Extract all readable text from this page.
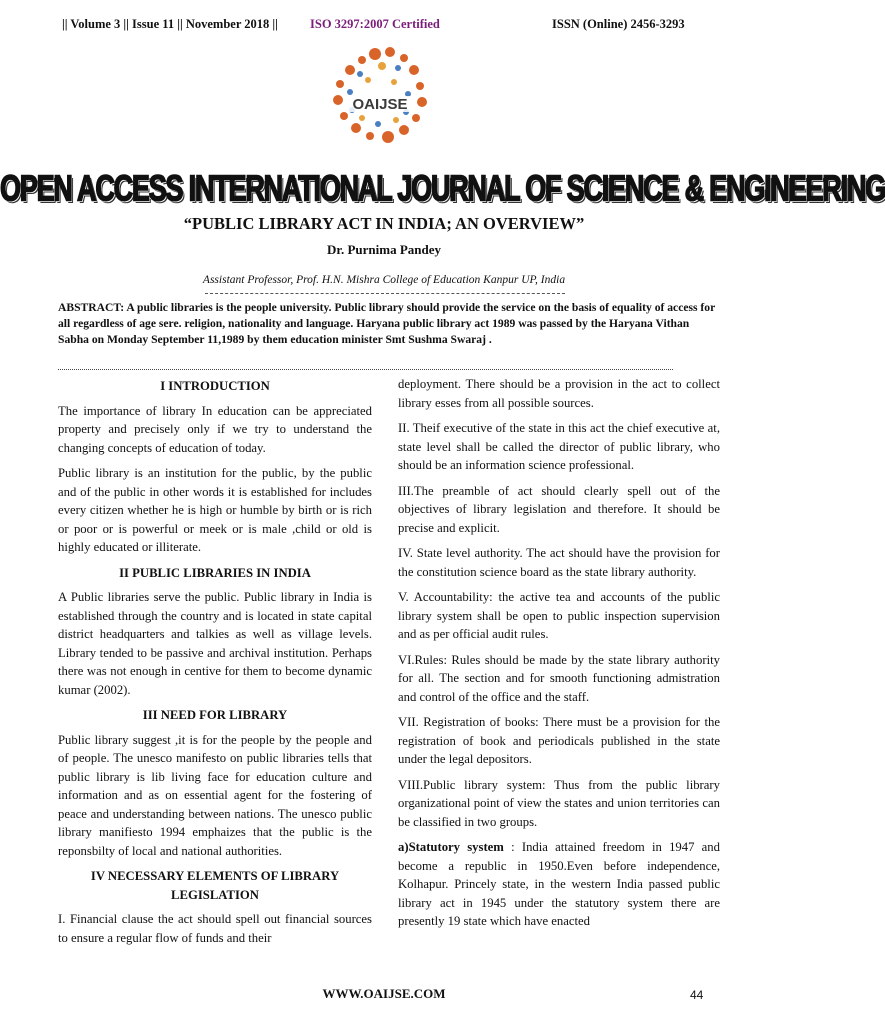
|| Volume 3 || Issue 11 || November 2018 ||	ISO 3297:2007 Certified	ISSN (Online) 2456-3293
OAIJSE
OPEN ACCESS INTERNATIONAL JOURNAL OF SCIENCE & ENGINEERING
“PUBLIC LIBRARY ACT IN INDIA; AN OVERVIEW”
Dr. Purnima Pandey
Assistant Professor, Prof. H.N. Mishra College of Education Kanpur UP, India
ABSTRACT: A public libraries is the people university. Public library should provide the service on the basis of equality of access for all regardless of age sere. religion, nationality and language. Haryana public library act 1989 was passed by the Haryana Vithan Sabha on Monday September 11,1989 by them education minister Smt Sushma Swaraj .
I INTRODUCTION

The importance of library In education can be appreciated property and precisely only if we try to understand the changing concepts of education of today.

Public library is an institution for the public, by the public and of the public in other words it is established for includes every citizen whether he is high or humble by birth or is rich or poor or is powerful or meek or is male ,child or old is highly educated or illiterate.

II PUBLIC LIBRARIES IN INDIA

A Public libraries serve the public. Public library in India is established through the country and is located in state capital district headquarters and talkies as well as village levels. Library tended to be passive and archival institution. Perhaps there was not enough in centive for them to become dynamic kumar (2002).

III NEED FOR LIBRARY

Public library suggest ,it is for the people by the people and of people. The unesco manifesto on public libraries tells that public library is lib living face for education culture and information and as on essential agent for the fostering of peace and understanding between nations. The unesco public library manifiesto 1994 emphaizes that the public is the reponsbilty of local and national authorities.

IV NECESSARY ELEMENTS OF LIBRARY LEGISLATION

I. Financial clause the act should spell out financial sources to ensure a regular flow of funds and their

deployment. There should be a provision in the act to collect library esses from all possible sources.

II. Theif executive of the state in this act the chief executive at, state level shall be called the director of public library, who should be an information science professional.

III.The preamble of act should clearly spell out of the objectives of library legislation and therefore. It should be precise and explicit.

IV. State level authority. The act should have the provision for the constitution science board as the state library authority.

V. Accountability: the active tea and accounts of the public library system shall be open to public inspection supervision and as per official audit rules.

VI.Rules: Rules should be made by the state library authority for all. The section and for smooth functioning admistration and control of the office and the staff.

VII. Registration of books: There must be a provision for the registration of book and periodicals published in the state under the legal depositors.

VIII.Public library system: Thus from the public library organizational point of view the states and union territories can be classified in two groups.

a)Statutory system : India attained freedom in 1947 and become a republic in 1950.Even before independence, Kolhapur. Princely state, in the western India passed public library act in 1945 under the statutory system there are presently 19 state which have enacted

WWW.OAIJSE.COM	44
